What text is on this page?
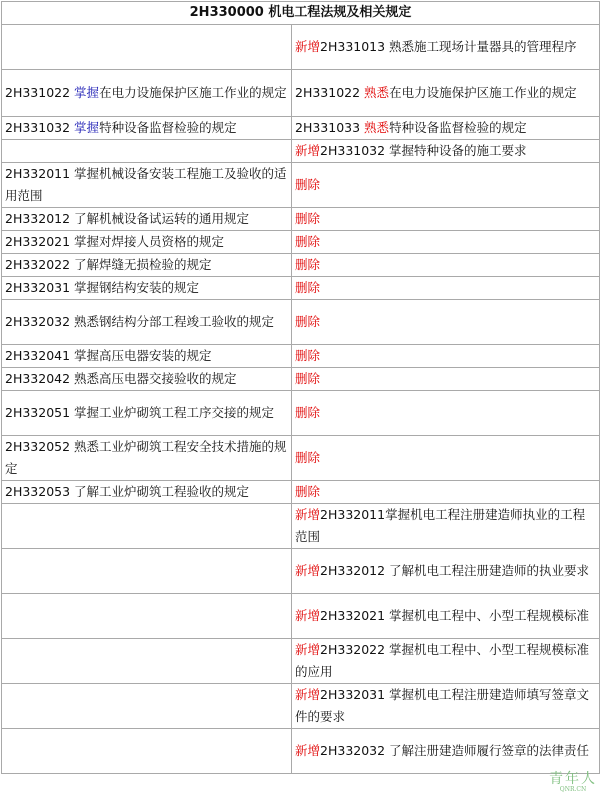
2H330000 机电工程法规及相关规定	
	新增2H331013 熟悉施工现场计量器具的管理程序
2H331022 掌握在电力设施保护区施工作业的规定	2H331022 熟悉在电力设施保护区施工作业的规定
2H331032 掌握特种设备监督检验的规定	2H331033 熟悉特种设备监督检验的规定
	新增2H331032 掌握特种设备的施工要求
2H332011 掌握机械设备安装工程施工及验收的适用范围	删除
2H332012 了解机械设备试运转的通用规定	删除
2H332021 掌握对焊接人员资格的规定	删除
2H332022 了解焊缝无损检验的规定	删除
2H332031 掌握钢结构安装的规定	删除
2H332032 熟悉钢结构分部工程竣工验收的规定	删除
2H332041 掌握高压电器安装的规定	删除
2H332042 熟悉高压电器交接验收的规定	删除
2H332051 掌握工业炉砌筑工程工序交接的规定	删除
2H332052 熟悉工业炉砌筑工程安全技术措施的规定	删除
2H332053 了解工业炉砌筑工程验收的规定	删除
	新增2H332011掌握机电工程注册建造师执业的工程范围
	新增2H332012 了解机电工程注册建造师的执业要求
	新增2H332021 掌握机电工程中、小型工程规模标准
	新增2H332022 掌握机电工程中、小型工程规模标准的应用
	新增2H332031 掌握机电工程注册建造师填写签章文件的要求
	新增2H332032 了解注册建造师履行签章的法律责任
青年人
QNR.CN
